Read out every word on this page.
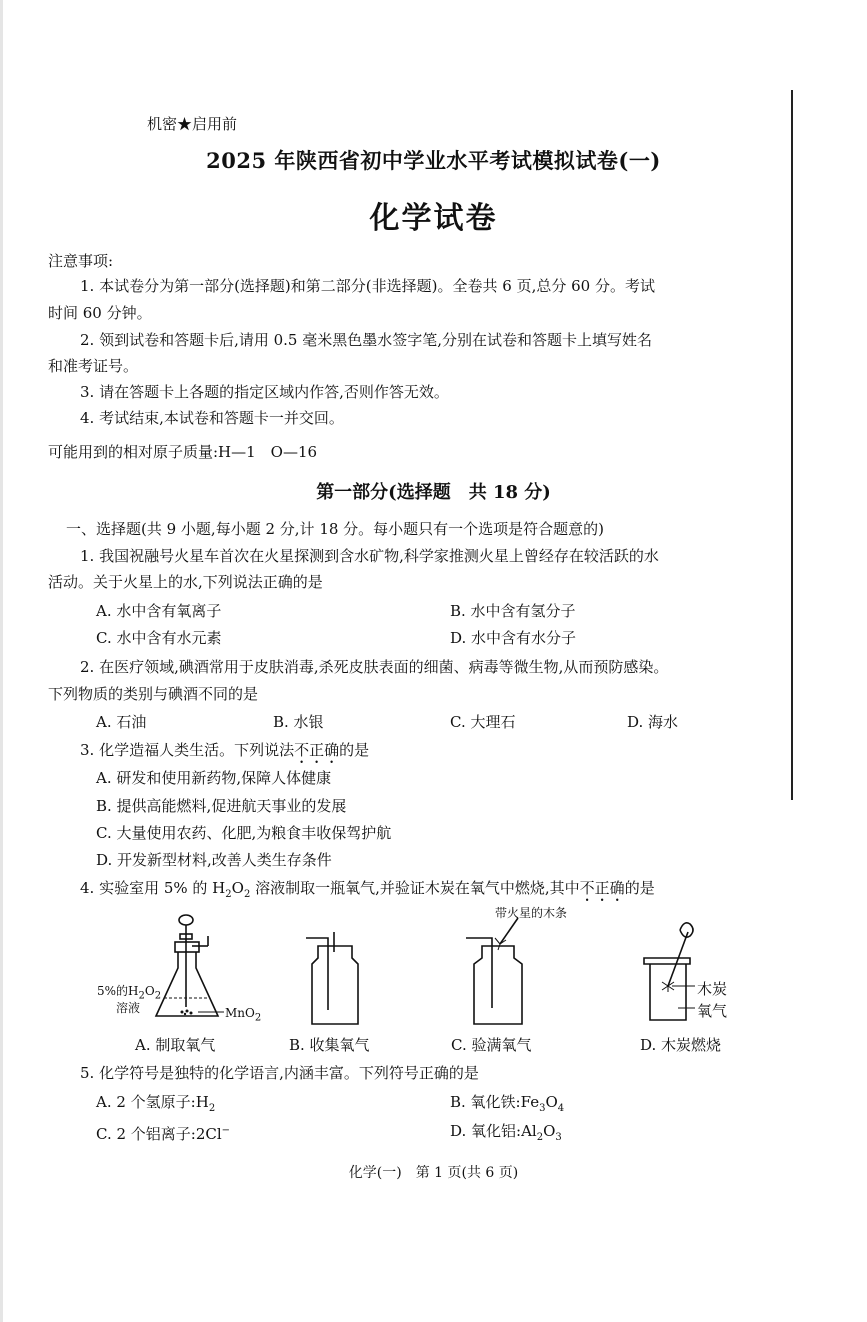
机密★启用前
2025 年陕西省初中学业水平考试模拟试卷(一)
化学试卷
注意事项:
1. 本试卷分为第一部分(选择题)和第二部分(非选择题)。全卷共 6 页,总分 60 分。考试
时间 60 分钟。
2. 领到试卷和答题卡后,请用 0.5 毫米黑色墨水签字笔,分别在试卷和答题卡上填写姓名
和准考证号。
3. 请在答题卡上各题的指定区域内作答,否则作答无效。
4. 考试结束,本试卷和答题卡一并交回。
可能用到的相对原子质量:H—1　O—16
第一部分(选择题　共 18 分)
一、选择题(共 9 小题,每小题 2 分,计 18 分。每小题只有一个选项是符合题意的)
1. 我国祝融号火星车首次在火星探测到含水矿物,科学家推测火星上曾经存在较活跃的水
活动。关于火星上的水,下列说法正确的是
A. 水中含有氧离子	B. 水中含有氢分子
C. 水中含有水元素	D. 水中含有水分子
2. 在医疗领域,碘酒常用于皮肤消毒,杀死皮肤表面的细菌、病毒等微生物,从而预防感染。
下列物质的类别与碘酒不同的是
A. 石油	B. 水银	C. 大理石	D. 海水
3. 化学造福人类生活。下列说法不正确的是
A. 研发和使用新药物,保障人体健康
B. 提供高能燃料,促进航天事业的发展
C. 大量使用农药、化肥,为粮食丰收保驾护航
D. 开发新型材料,改善人类生存条件
4. 实验室用 5% 的 $H_2O_2$ 溶液制取一瓶氧气,并验证木炭在氧气中燃烧,其中不正确的是
5%的$H_2O_2$
溶液	MnO$_2$
A. 制取氧气	B. 收集氧气
带火星的木条
C. 验满氧气
木炭
氧气
D. 木炭燃烧
5. 化学符号是独特的化学语言,内涵丰富。下列符号正确的是
A. 2 个氢原子$:H_2$	B. 氧化铁$:Fe_3O_4$
C. 2 个铝离子:2Cl−	D. 氧化铝$:Al_2O_3$
化学(一)　第 1 页(共 6 页)
